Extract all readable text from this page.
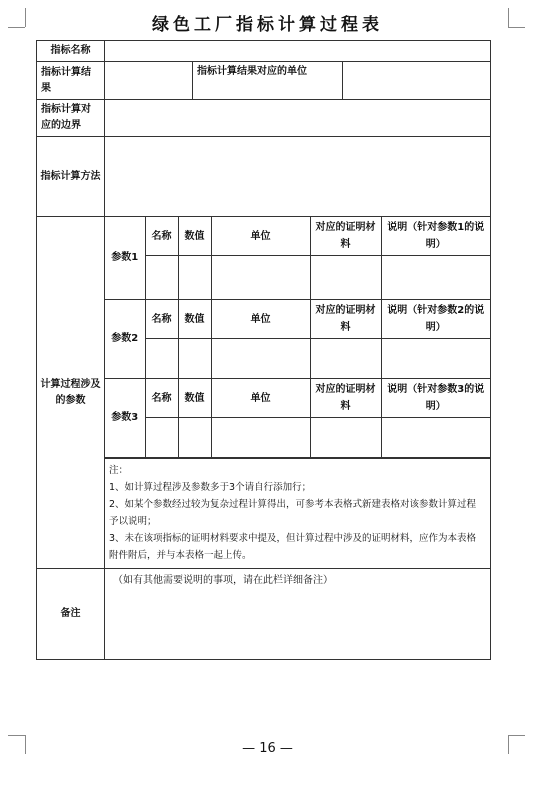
绿色工厂指标计算过程表
指标名称	
指标计算结果		指标计算结果对应的单位	
指标计算对应的边界	
指标计算方法	
计算过程涉及的参数	
参数1	名称	数值	单位	对应的证明材料	说明（针对参数1的说明）

参数2	名称	数值	单位	对应的证明材料	说明（针对参数2的说明）

参数3	名称	数值	单位	对应的证明材料	说明（针对参数3的说明）

注：

1、如计算过程涉及参数多于3个请自行添加行；

2、如某个参数经过较为复杂过程计算得出，可参考本表格式新建表格对该参数计算过程予以说明；

3、未在该项指标的证明材料要求中提及，但计算过程中涉及的证明材料，应作为本表格附件附后，并与本表格一起上传。

备注	（如有其他需要说明的事项，请在此栏详细备注）
— 16 —
